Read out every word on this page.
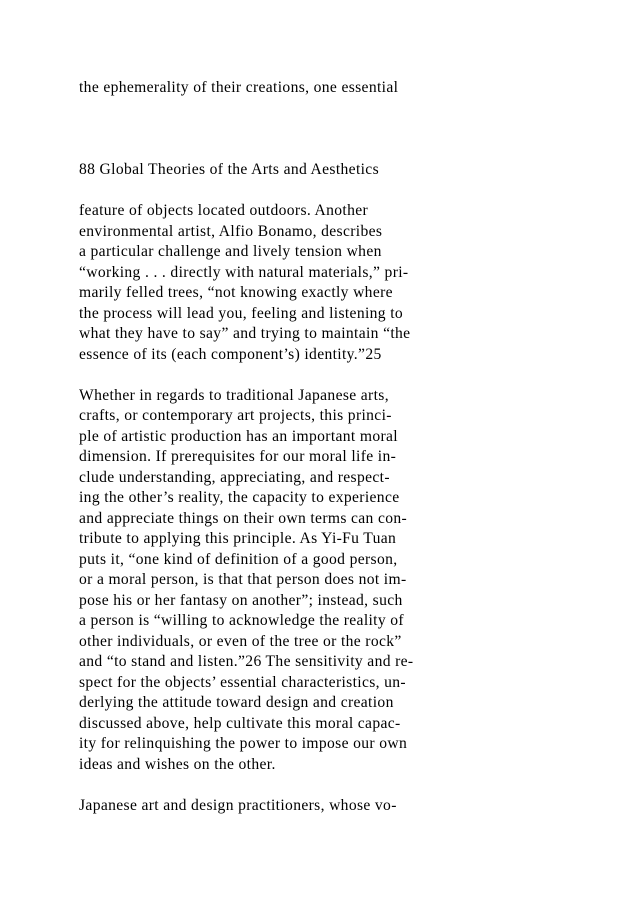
the ephemerality of their creations, one essential
88 Global Theories of the Arts and Aesthetics
feature of objects located outdoors. Another
environmental artist, Alfio Bonamo, describes
a particular challenge and lively tension when
“working . . . directly with natural materials,” pri-
marily felled trees, “not knowing exactly where
the process will lead you, feeling and listening to
what they have to say” and trying to maintain “the
essence of its (each component’s) identity.”25
Whether in regards to traditional Japanese arts,
crafts, or contemporary art projects, this princi-
ple of artistic production has an important moral
dimension. If prerequisites for our moral life in-
clude understanding, appreciating, and respect-
ing the other’s reality, the capacity to experience
and appreciate things on their own terms can con-
tribute to applying this principle. As Yi-Fu Tuan
puts it, “one kind of definition of a good person,
or a moral person, is that that person does not im-
pose his or her fantasy on another”; instead, such
a person is “willing to acknowledge the reality of
other individuals, or even of the tree or the rock”
and “to stand and listen.”26 The sensitivity and re-
spect for the objects’ essential characteristics, un-
derlying the attitude toward design and creation
discussed above, help cultivate this moral capac-
ity for relinquishing the power to impose our own
ideas and wishes on the other.
Japanese art and design practitioners, whose vo-
